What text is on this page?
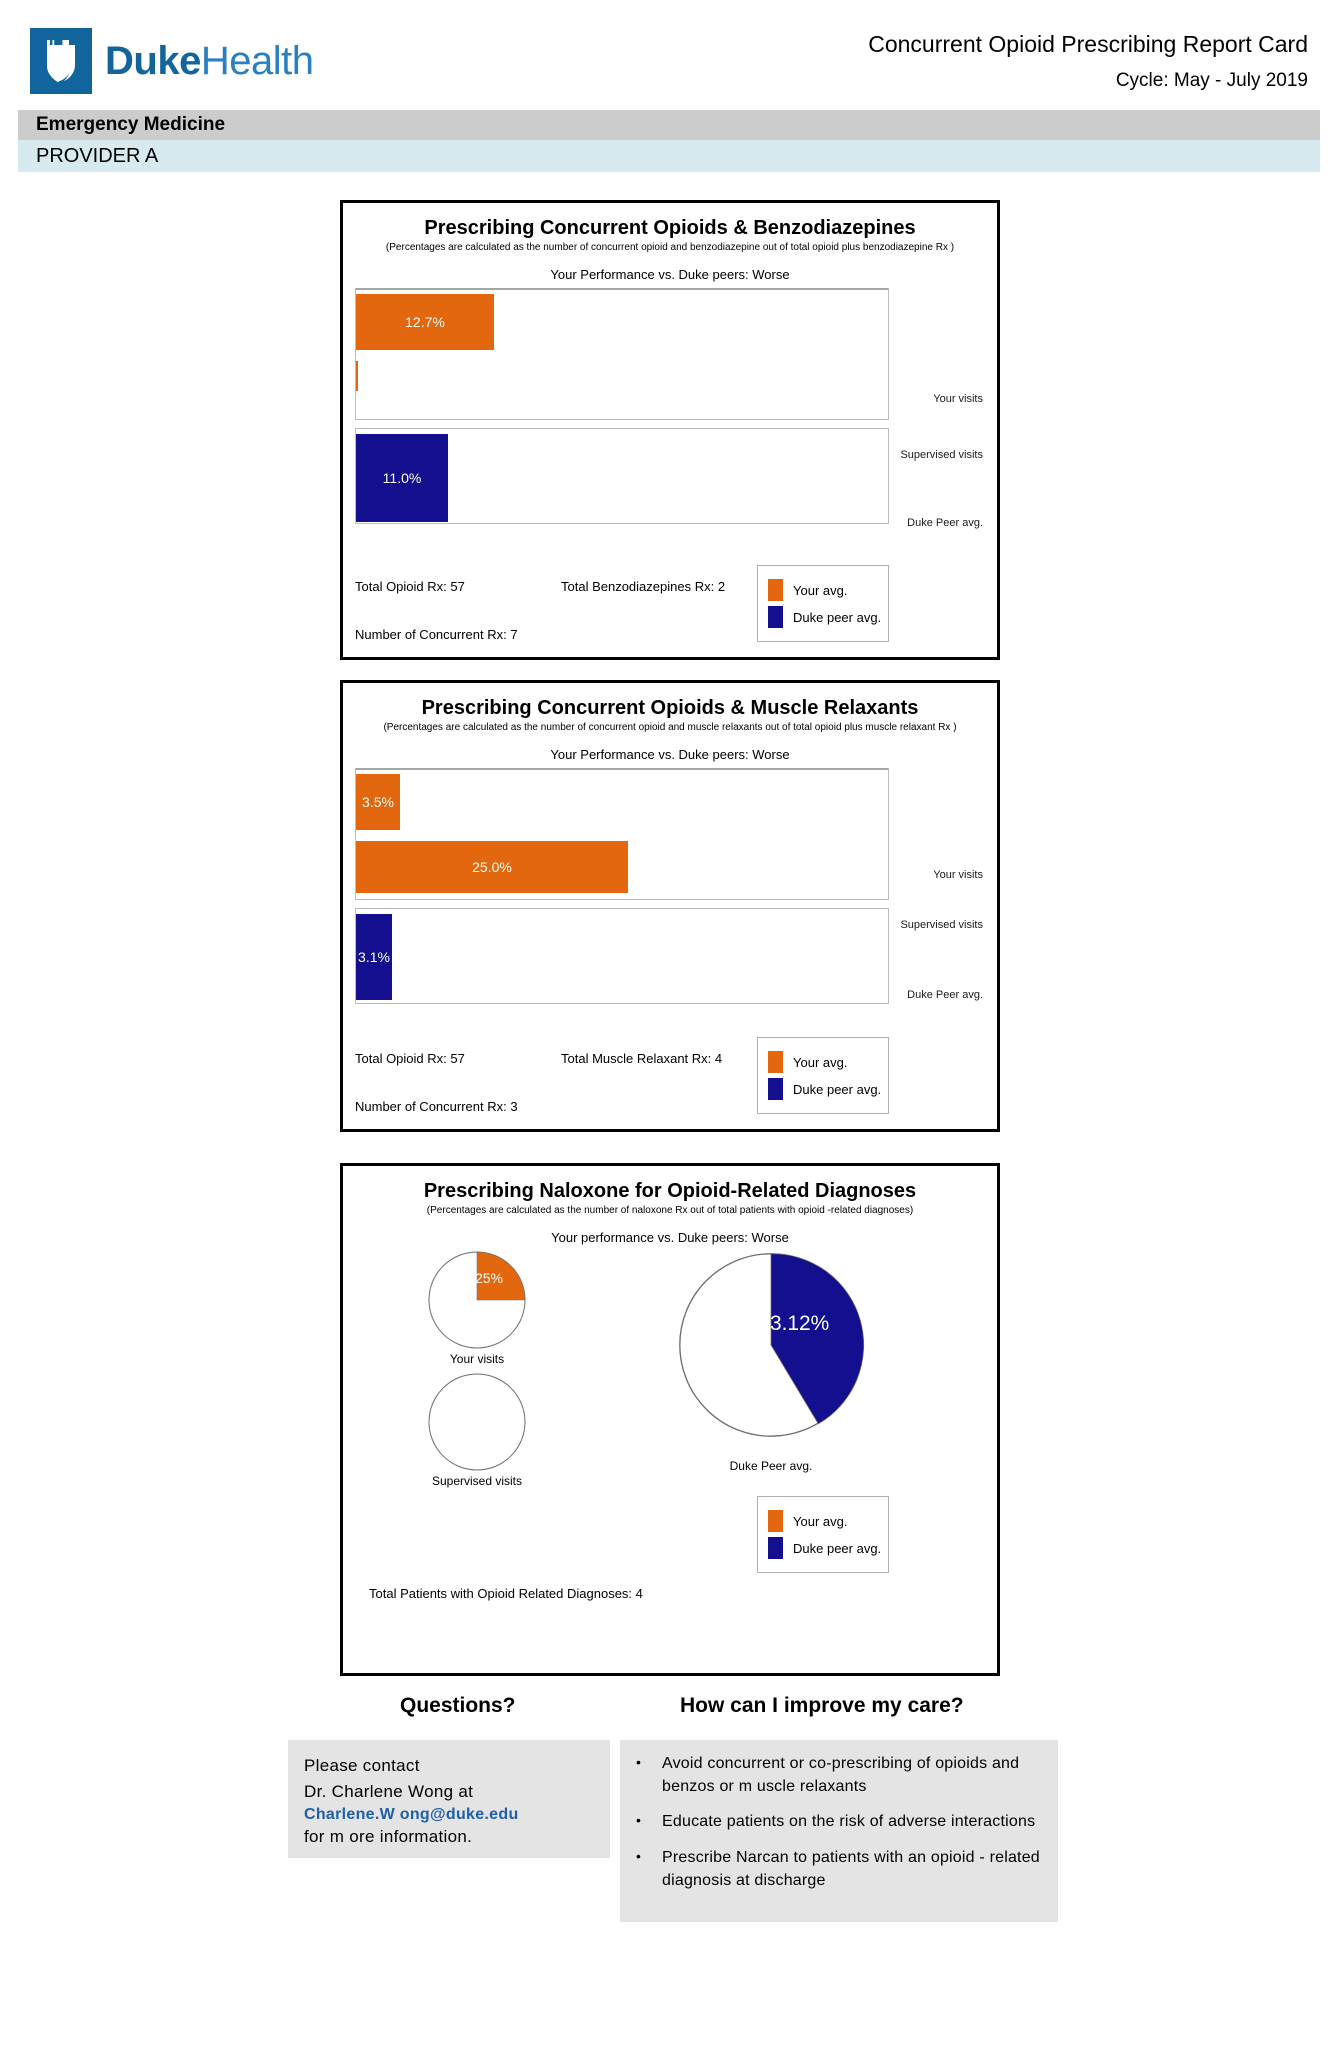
DukeHealth	Concurrent Opioid Prescribing Report Card
Cycle: May - July 2019
Emergency Medicine
PROVIDER A
Prescribing Concurrent Opioids & Benzodiazepines
(Percentages are calculated as the number of concurrent opioid and benzodiazepine out of total opioid plus benzodiazepine Rx )
Your Performance vs. Duke peers: Worse
12.7%
Your visits
Supervised visits
11.0%
Duke Peer avg.
Total Opioid Rx: 57	Total Benzodiazepines Rx: 2
Number of Concurrent Rx: 7
Your avg.
Duke peer avg.
Prescribing Concurrent Opioids & Muscle Relaxants
(Percentages are calculated as the number of concurrent opioid and muscle relaxants out of total opioid plus muscle relaxant Rx )
Your Performance vs. Duke peers: Worse
3.5%
25.0%
Your visits
Supervised visits
3.1%
Duke Peer avg.
Total Opioid Rx: 57	Total Muscle Relaxant Rx: 4
Number of Concurrent Rx: 3
Your avg.
Duke peer avg.
Prescribing Naloxone for Opioid-Related Diagnoses
(Percentages are calculated as the number of naloxone Rx out of total patients with opioid -related diagnoses)
Your performance vs. Duke peers: Worse
25%
Your visits
Supervised visits
33.12%
Duke Peer avg.
Your avg.
Duke peer avg.
Total Patients with Opioid Related Diagnoses: 4
Questions?	How can I improve my care?
Please contact
Dr. Charlene Wong at
Charlene.W ong@duke.edu
for m ore information.
•	Avoid concurrent or co-prescribing of opioids and benzos or m uscle relaxants
•	Educate patients on the risk of adverse interactions
•	Prescribe Narcan to patients with an opioid - related diagnosis at discharge
